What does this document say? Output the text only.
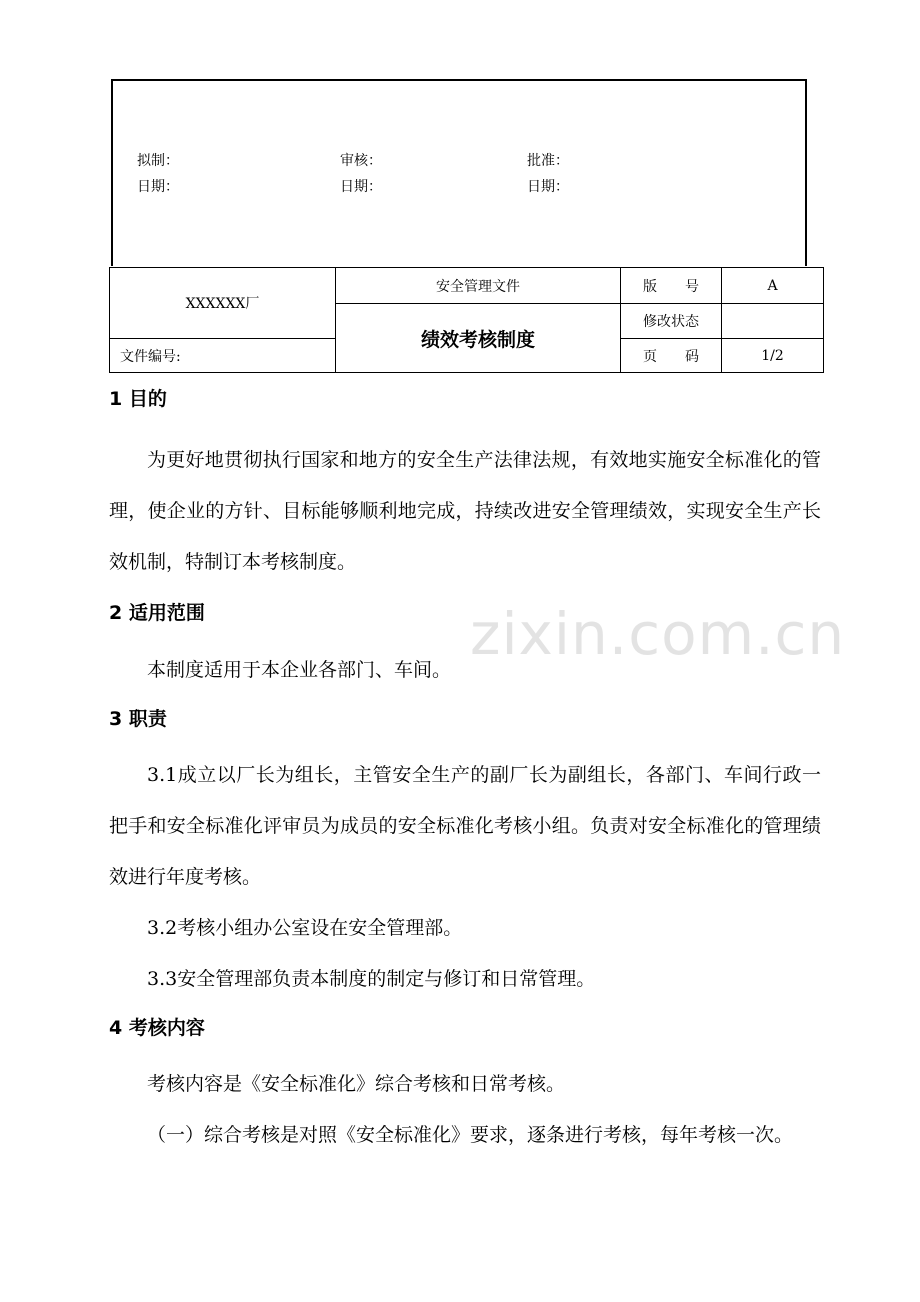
拟制：	审核：	批准：
日期：	日期：	日期：
XXXXXX厂	安全管理文件	版　　号	A
	绩效考核制度	修改状态	
文件编号:		页　　码	1/2
zixin.com.cn
1 目的

为更好地贯彻执行国家和地方的安全生产法律法规，有效地实施安全标准化的管理，使企业的方针、目标能够顺利地完成，持续改进安全管理绩效，实现安全生产长效机制，特制订本考核制度。

2 适用范围

本制度适用于本企业各部门、车间。

3 职责

3.1成立以厂长为组长，主管安全生产的副厂长为副组长，各部门、车间行政一把手和安全标准化评审员为成员的安全标准化考核小组。负责对安全标准化的管理绩效进行年度考核。

3.2考核小组办公室设在安全管理部。

3.3安全管理部负责本制度的制定与修订和日常管理。

4 考核内容

考核内容是《安全标准化》综合考核和日常考核。

（一）综合考核是对照《安全标准化》要求，逐条进行考核，每年考核一次。
